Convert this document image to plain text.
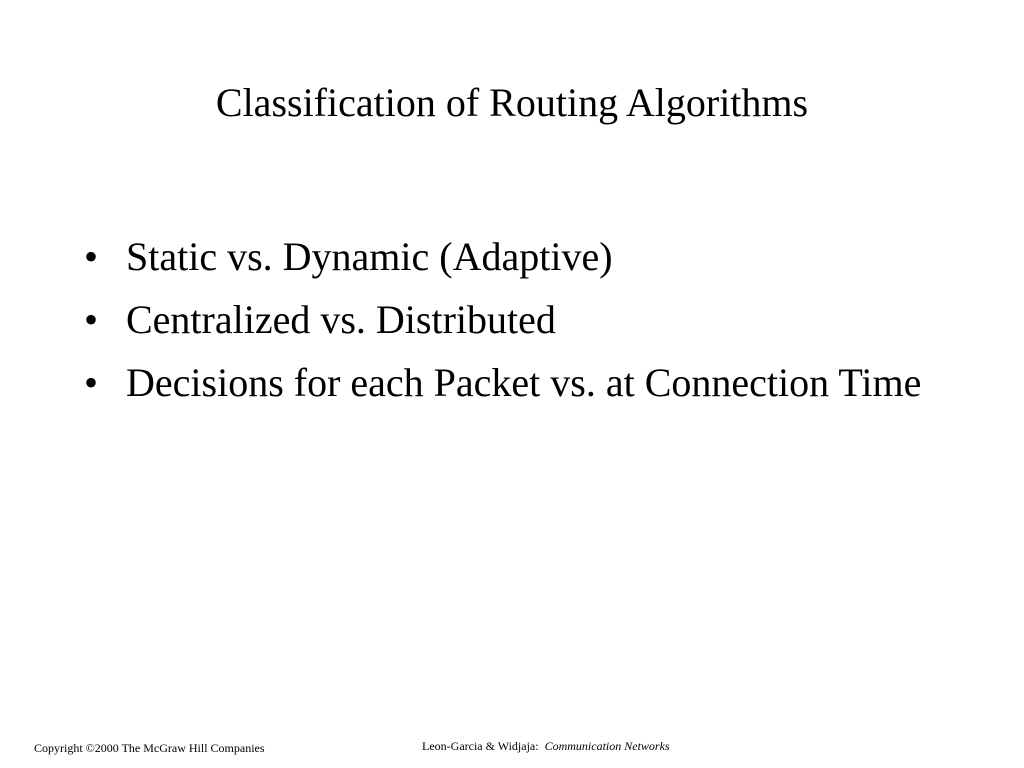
Classification of Routing Algorithms
• Static vs. Dynamic (Adaptive)
• Centralized vs. Distributed
• Decisions for each Packet vs. at Connection Time
Copyright ©2000 The McGraw Hill Companies	Leon-Garcia & Widjaja: Communication Networks
